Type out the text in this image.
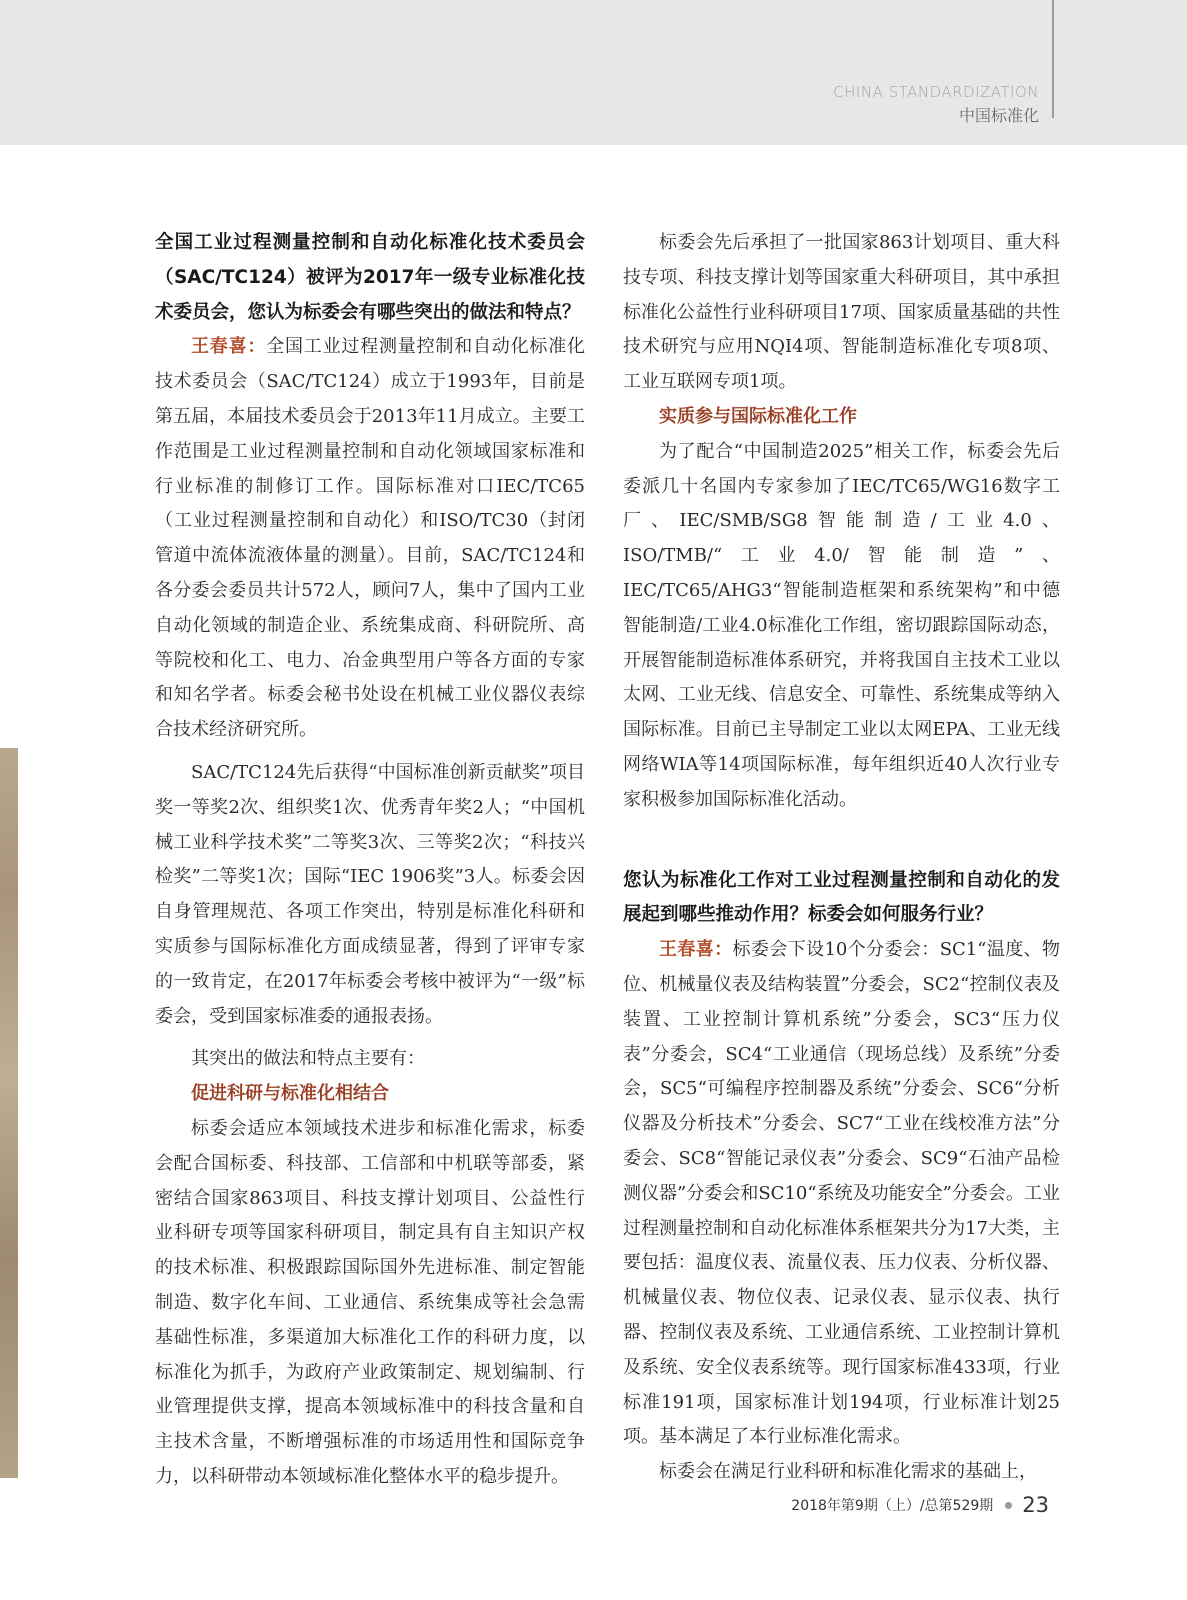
CHINA STANDARDIZATION
中国标准化

全国工业过程测量控制和自动化标准化技术委员会（SAC/TC124）被评为2017年一级专业标准化技术委员会，您认为标委会有哪些突出的做法和特点？

王春喜：全国工业过程测量控制和自动化标准化技术委员会（SAC/TC124）成立于1993年，目前是第五届，本届技术委员会于2013年11月成立。主要工作范围是工业过程测量控制和自动化领域国家标准和行业标准的制修订工作。国际标准对口IEC/TC65（工业过程测量控制和自动化）和ISO/TC30（封闭管道中流体流液体量的测量）。目前，SAC/TC124和各分委会委员共计572人，顾问7人，集中了国内工业自动化领域的制造企业、系统集成商、科研院所、高等院校和化工、电力、冶金典型用户等各方面的专家和知名学者。标委会秘书处设在机械工业仪器仪表综合技术经济研究所。

SAC/TC124先后获得“中国标准创新贡献奖”项目奖一等奖2次、组织奖1次、优秀青年奖2人；“中国机械工业科学技术奖”二等奖3次、三等奖2次；“科技兴检奖”二等奖1次；国际“IEC 1906奖”3人。标委会因自身管理规范、各项工作突出，特别是标准化科研和实质参与国际标准化方面成绩显著，得到了评审专家的一致肯定，在2017年标委会考核中被评为“一级”标委会，受到国家标准委的通报表扬。

其突出的做法和特点主要有：

促进科研与标准化相结合

标委会适应本领域技术进步和标准化需求，标委会配合国标委、科技部、工信部和中机联等部委，紧密结合国家863项目、科技支撑计划项目、公益性行业科研专项等国家科研项目，制定具有自主知识产权的技术标准、积极跟踪国际国外先进标准、制定智能制造、数字化车间、工业通信、系统集成等社会急需基础性标准，多渠道加大标准化工作的科研力度，以标准化为抓手，为政府产业政策制定、规划编制、行业管理提供支撑，提高本领域标准中的科技含量和自主技术含量，不断增强标准的市场适用性和国际竞争力，以科研带动本领域标准化整体水平的稳步提升。

标委会先后承担了一批国家863计划项目、重大科技专项、科技支撑计划等国家重大科研项目，其中承担标准化公益性行业科研项目17项、国家质量基础的共性技术研究与应用NQI4项、智能制造标准化专项8项、工业互联网专项1项。

实质参与国际标准化工作

为了配合“中国制造2025”相关工作，标委会先后委派几十名国内专家参加了IEC/TC65/WG16数字工厂、IEC/SMB/SG8智能制造/工业4.0、ISO/TMB/“工业4.0/智能制造”、IEC/TC65/AHG3“智能制造框架和系统架构”和中德智能制造/工业4.0标准化工作组，密切跟踪国际动态，开展智能制造标准体系研究，并将我国自主技术工业以太网、工业无线、信息安全、可靠性、系统集成等纳入国际标准。目前已主导制定工业以太网EPA、工业无线网络WIA等14项国际标准，每年组织近40人次行业专家积极参加国际标准化活动。

您认为标准化工作对工业过程测量控制和自动化的发展起到哪些推动作用？标委会如何服务行业？

王春喜：标委会下设10个分委会：SC1“温度、物位、机械量仪表及结构装置”分委会，SC2“控制仪表及装置、工业控制计算机系统”分委会，SC3“压力仪表”分委会，SC4“工业通信（现场总线）及系统”分委会，SC5“可编程序控制器及系统”分委会、SC6“分析仪器及分析技术”分委会、SC7“工业在线校准方法”分委会、SC8“智能记录仪表”分委会、SC9“石油产品检测仪器”分委会和SC10“系统及功能安全”分委会。工业过程测量控制和自动化标准体系框架共分为17大类，主要包括：温度仪表、流量仪表、压力仪表、分析仪器、机械量仪表、物位仪表、记录仪表、显示仪表、执行器、控制仪表及系统、工业通信系统、工业控制计算机及系统、安全仪表系统等。现行国家标准433项，行业标准191项，国家标准计划194项，行业标准计划25项。基本满足了本行业标准化需求。

标委会在满足行业科研和标准化需求的基础上，

2018年第9期（上）/总第529期 23
